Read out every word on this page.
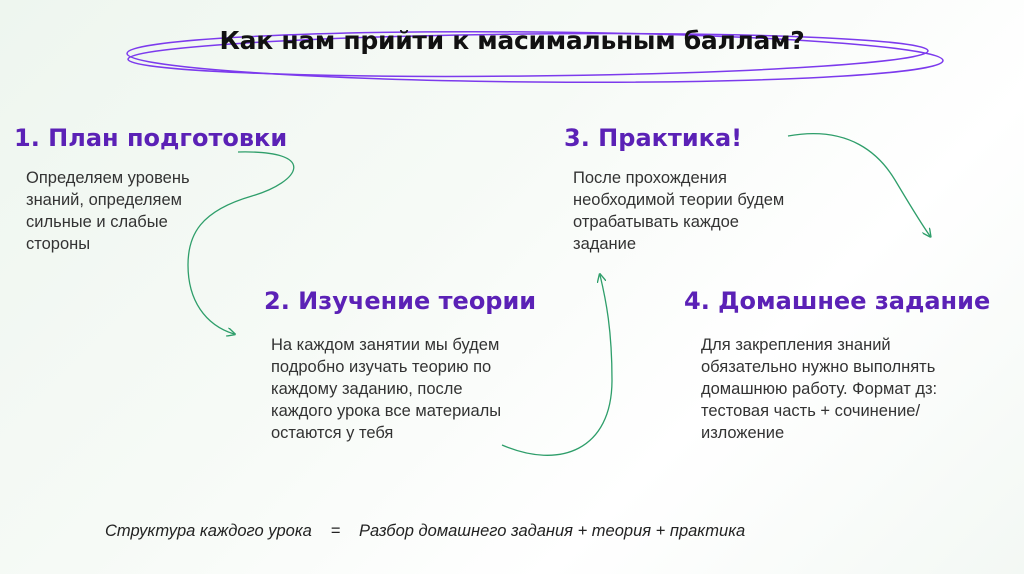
Как нам прийти к масимальным баллам?
1. План подготовки
Определяем уровень
знаний, определяем
сильные и слабые
стороны
2. Изучение теории
На каждом занятии мы будем
подробно изучать теорию по
каждому заданию, после
каждого урока все материалы
остаются у тебя
3. Практика!
После прохождения
необходимой теории будем
отрабатывать каждое
задание
4. Домашнее задание
Для закрепления знаний
обязательно нужно выполнять
домашнюю работу. Формат дз:
тестовая часть + сочинение/
изложение
Структура каждого урока = Разбор домашнего задания + теория + практика
